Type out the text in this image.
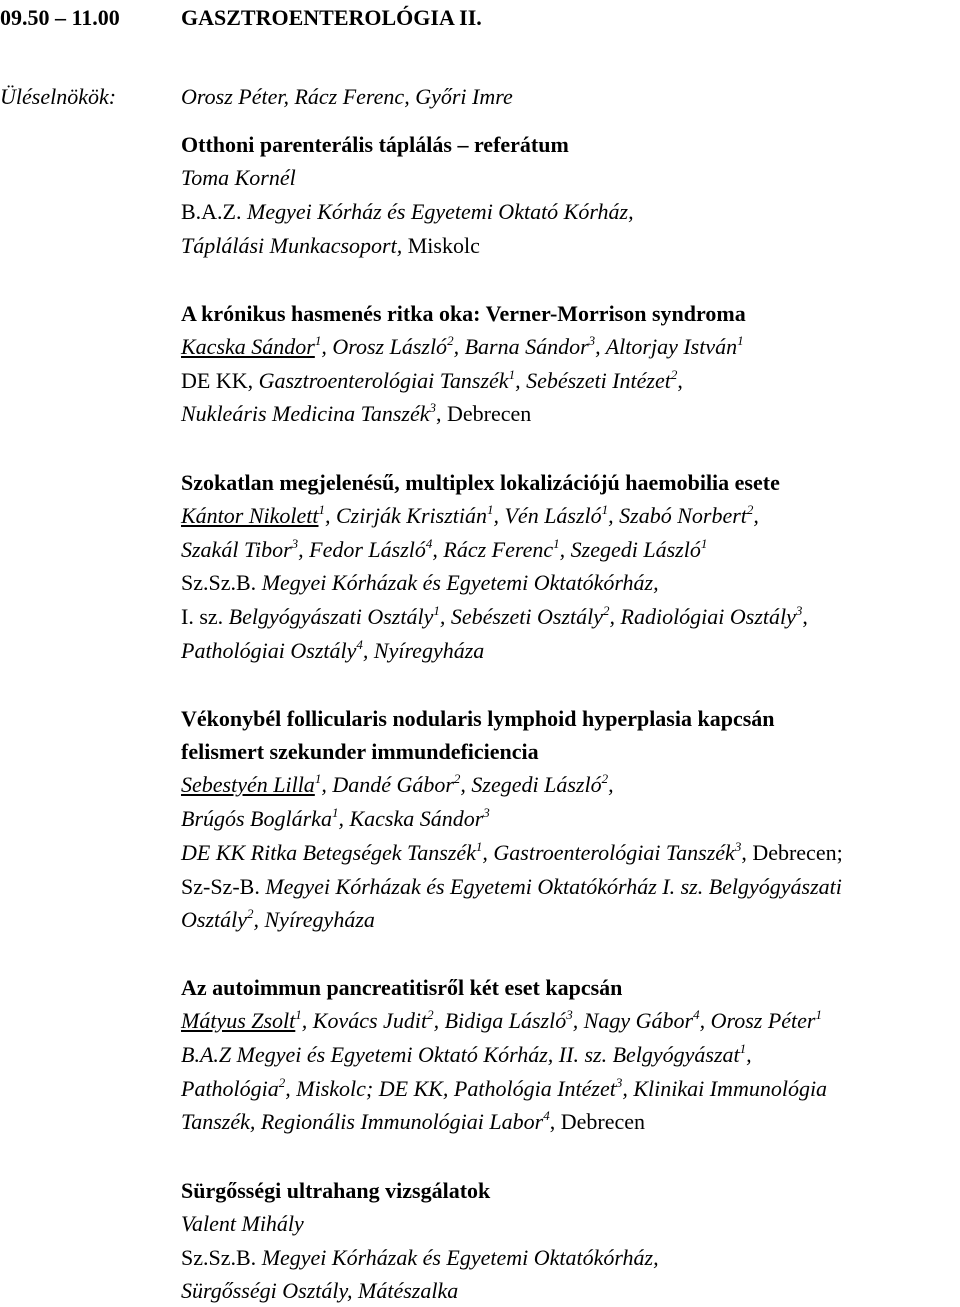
09.50 – 11.00	GASZTROENTEROLÓGIA II.
Üléselnökök:	Orosz Péter, Rácz Ferenc, Győri Imre
Otthoni parenterális táplálás – referátum
Toma Kornél
B.A.Z. Megyei Kórház és Egyetemi Oktató Kórház,
Táplálási Munkacsoport, Miskolc
A krónikus hasmenés ritka oka: Verner-Morrison syndroma
Kacska Sándor$^1$, Orosz László$^2$, Barna Sándor$^3$, Altorjay István$^1$
DE KK, Gasztroenterológiai Tanszék$^1$, Sebészeti Intézet$^2$,
Nukleáris Medicina Tanszék$^3$, Debrecen
Szokatlan megjelenésű, multiplex lokalizációjú haemobilia esete
Kántor Nikolett$^1$, Czirják Krisztián$^1$, Vén László$^1$, Szabó Norbert$^2$,
Szakál Tibor$^3$, Fedor László$^4$, Rácz Ferenc$^1$, Szegedi László$^1$
Sz.Sz.B. Megyei Kórházak és Egyetemi Oktatókórház,
I. sz. Belgyógyászati Osztály$^1$, Sebészeti Osztály$^2$, Radiológiai Osztály$^3$,
Pathológiai Osztály$^4$, Nyíregyháza
Vékonybél follicularis nodularis lymphoid hyperplasia kapcsán
felismert szekunder immundeficiencia
Sebestyén Lilla$^1$, Dandé Gábor$^2$, Szegedi László$^2$,
Brúgós Boglárka$^1$, Kacska Sándor$^3$
DE KK Ritka Betegségek Tanszék$^1$, Gastroenterológiai Tanszék$^3$, Debrecen;
Sz-Sz-B. Megyei Kórházak és Egyetemi Oktatókórház I. sz. Belgyógyászati
Osztály$^2$, Nyíregyháza
Az autoimmun pancreatitisről két eset kapcsán
Mátyus Zsolt$^1$, Kovács Judit$^2$, Bidiga László$^3$, Nagy Gábor$^4$, Orosz Péter$^1$
B.A.Z Megyei és Egyetemi Oktató Kórház, II. sz. Belgyógyászat$^1$,
Pathológia$^2$, Miskolc; DE KK, Pathológia Intézet$^3$, Klinikai Immunológia
Tanszék, Regionális Immunológiai Labor$^4$, Debrecen
Sürgősségi ultrahang vizsgálatok
Valent Mihály
Sz.Sz.B. Megyei Kórházak és Egyetemi Oktatókórház,
Sürgősségi Osztály, Mátészalka
